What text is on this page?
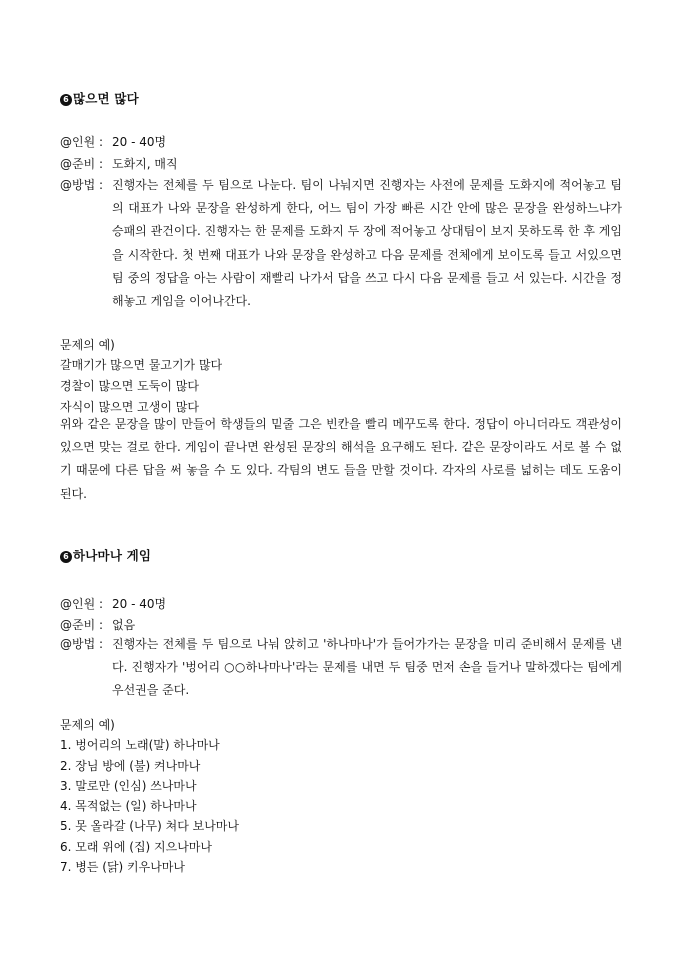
6 많으면 많다
@인원 : 20 - 40명
@준비 : 도화지, 매직
@방법 : 진행자는 전체를 두 팀으로 나눈다. 팀이 나눠지면 진행자는 사전에 문제를 도화지에 적어놓고 팀의 대표가 나와 문장을 완성하게 한다, 어느 팀이 가장 빠른 시간 안에 많은 문장을 완성하느냐가 승패의 관건이다. 진행자는 한 문제를 도화지 두 장에 적어놓고 상대팀이 보지 못하도록 한 후 게임을 시작한다. 첫 번째 대표가 나와 문장을 완성하고 다음 문제를 전체에게 보이도록 들고 서있으면 팀 중의 정답을 아는 사람이 재빨리 나가서 답을 쓰고 다시 다음 문제를 들고 서 있는다. 시간을 정해놓고 게임을 이어나간다.
문제의 예)
갈매기가 많으면 물고기가 많다
경찰이 많으면 도둑이 많다
자식이 많으면 고생이 많다
위와 같은 문장을 많이 만들어 학생들의 밑줄 그은 빈칸을 빨리 메꾸도록 한다. 정답이 아니더라도 객관성이 있으면 맞는 걸로 한다. 게임이 끝나면 완성된 문장의 해석을 요구해도 된다. 같은 문장이라도 서로 볼 수 없기 때문에 다른 답을 써 놓을 수 도 있다. 각팀의 변도 들을 만할 것이다. 각자의 사로를 넓히는 데도 도움이 된다.
6 하나마나 게임
@인원 : 20 - 40명
@준비 : 없음
@방법 : 진행자는 전체를 두 팀으로 나눠 앉히고 '하나마나'가 들어가가는 문장을 미리 준비해서 문제를 낸다. 진행자가 '벙어리 ○○하나마나'라는 문제를 내면 두 팀중 먼저 손을 들거나 말하겠다는 팀에게 우선권을 준다.
문제의 예)
1. 벙어리의 노래(말) 하나마나
2. 장님 방에 (불) 켜나마나
3. 말로만 (인심) 쓰나마나
4. 목적없는 (일) 하나마나
5. 못 올라갈 (나무) 쳐다 보나마나
6. 모래 위에 (집) 지으나마나
7. 병든 (닭) 키우나마나
